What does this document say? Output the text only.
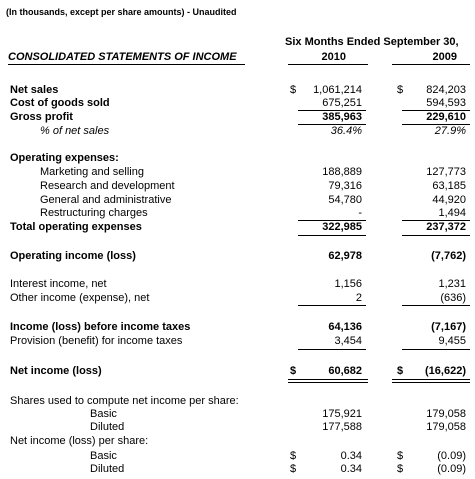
(In thousands, except per share amounts) - Unaudited
Six Months Ended September 30,
CONSOLIDATED STATEMENTS OF INCOME	2010	2009
Net sales	$	1,061,214	$	824,203
Cost of goods sold	675,251	594,593
Gross profit	385,963	229,610
% of net sales	36.4%	27.9%
Operating expenses:
Marketing and selling	188,889	127,773
Research and development	79,316	63,185
General and administrative	54,780	44,920
Restructuring charges	-	1,494
Total operating expenses	322,985	237,372
Operating income (loss)	62,978	(7,762)
Interest income, net	1,156	1,231
Other income (expense), net	2	(636)
Income (loss) before income taxes	64,136	(7,167)
Provision (benefit) for income taxes	3,454	9,455
Net income (loss)	$	60,682	$	(16,622)
Shares used to compute net income per share:
Basic	175,921	179,058
Diluted	177,588	179,058
Net income (loss) per share:
Basic	$	0.34	$	(0.09)
Diluted	$	0.34	$	(0.09)
